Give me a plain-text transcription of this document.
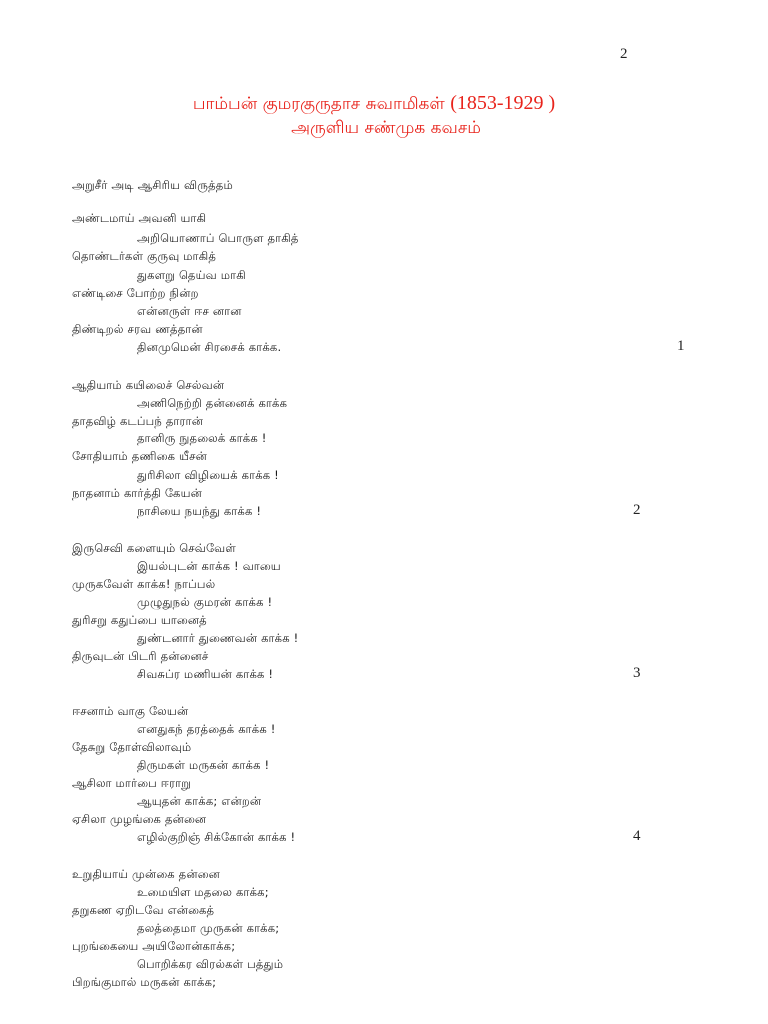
2
பாம்பன் குமரகுருதாச சுவாமிகள் (1853-1929 )
அருளிய சண்முக கவசம்
அறுசீர் அடி ஆசிரிய விருத்தம்
அண்டமாய் அவனி யாகி
அறியொணாப் பொருள தாகித்
தொண்டர்கள் குருவு மாகித்
துகளறு தெய்வ மாகி
எண்டிசை போற்ற நின்ற
என்னருள் ஈச னான
திண்டிறல் சரவ ணத்தான்
தினமுமென் சிரசைக் காக்க.	1
ஆதியாம் கயிலைச் செல்வன்
அணிநெற்றி தன்னைக் காக்க
தாதவிழ் கடப்பந் தாரான்
தானிரு நுதலைக் காக்க !
சோதியாம் தணிகை யீசன்
துரிசிலா விழியைக் காக்க !
நாதனாம் கார்த்தி கேயன்
நாசியை நயந்து காக்க !	2
இருசெவி களையும் செவ்வேள்
இயல்புடன் காக்க ! வாயை
முருகவேள் காக்க! நாப்பல்
முழுதுநல் குமரன் காக்க !
துரிசறு கதுப்பை யானைத்
துண்டனார் துணைவன் காக்க !
திருவுடன் பிடரி தன்னைச்
சிவசுப்ர மணியன் காக்க !	3
ஈசனாம் வாகு லேயன்
எனதுகந் தரத்தைக் காக்க !
தேசுறு தோள்விலாவும்
திருமகள் மருகன் காக்க !
ஆசிலா மார்பை ஈராறு
ஆயுதன் காக்க; என்றன்
ஏசிலா முழங்கை தன்னை
எழில்குறிஞ் சிக்கோன் காக்க !	4
உறுதியாய் முன்கை தன்னை
உமையிள மதலை காக்க;
தறுகண ஏறிடவே என்கைத்
தலத்தைமா முருகன் காக்க;
புறங்கையை அயிலோன்காக்க;
பொறிக்கர விரல்கள் பத்தும்
பிறங்குமால் மருகன் காக்க;
